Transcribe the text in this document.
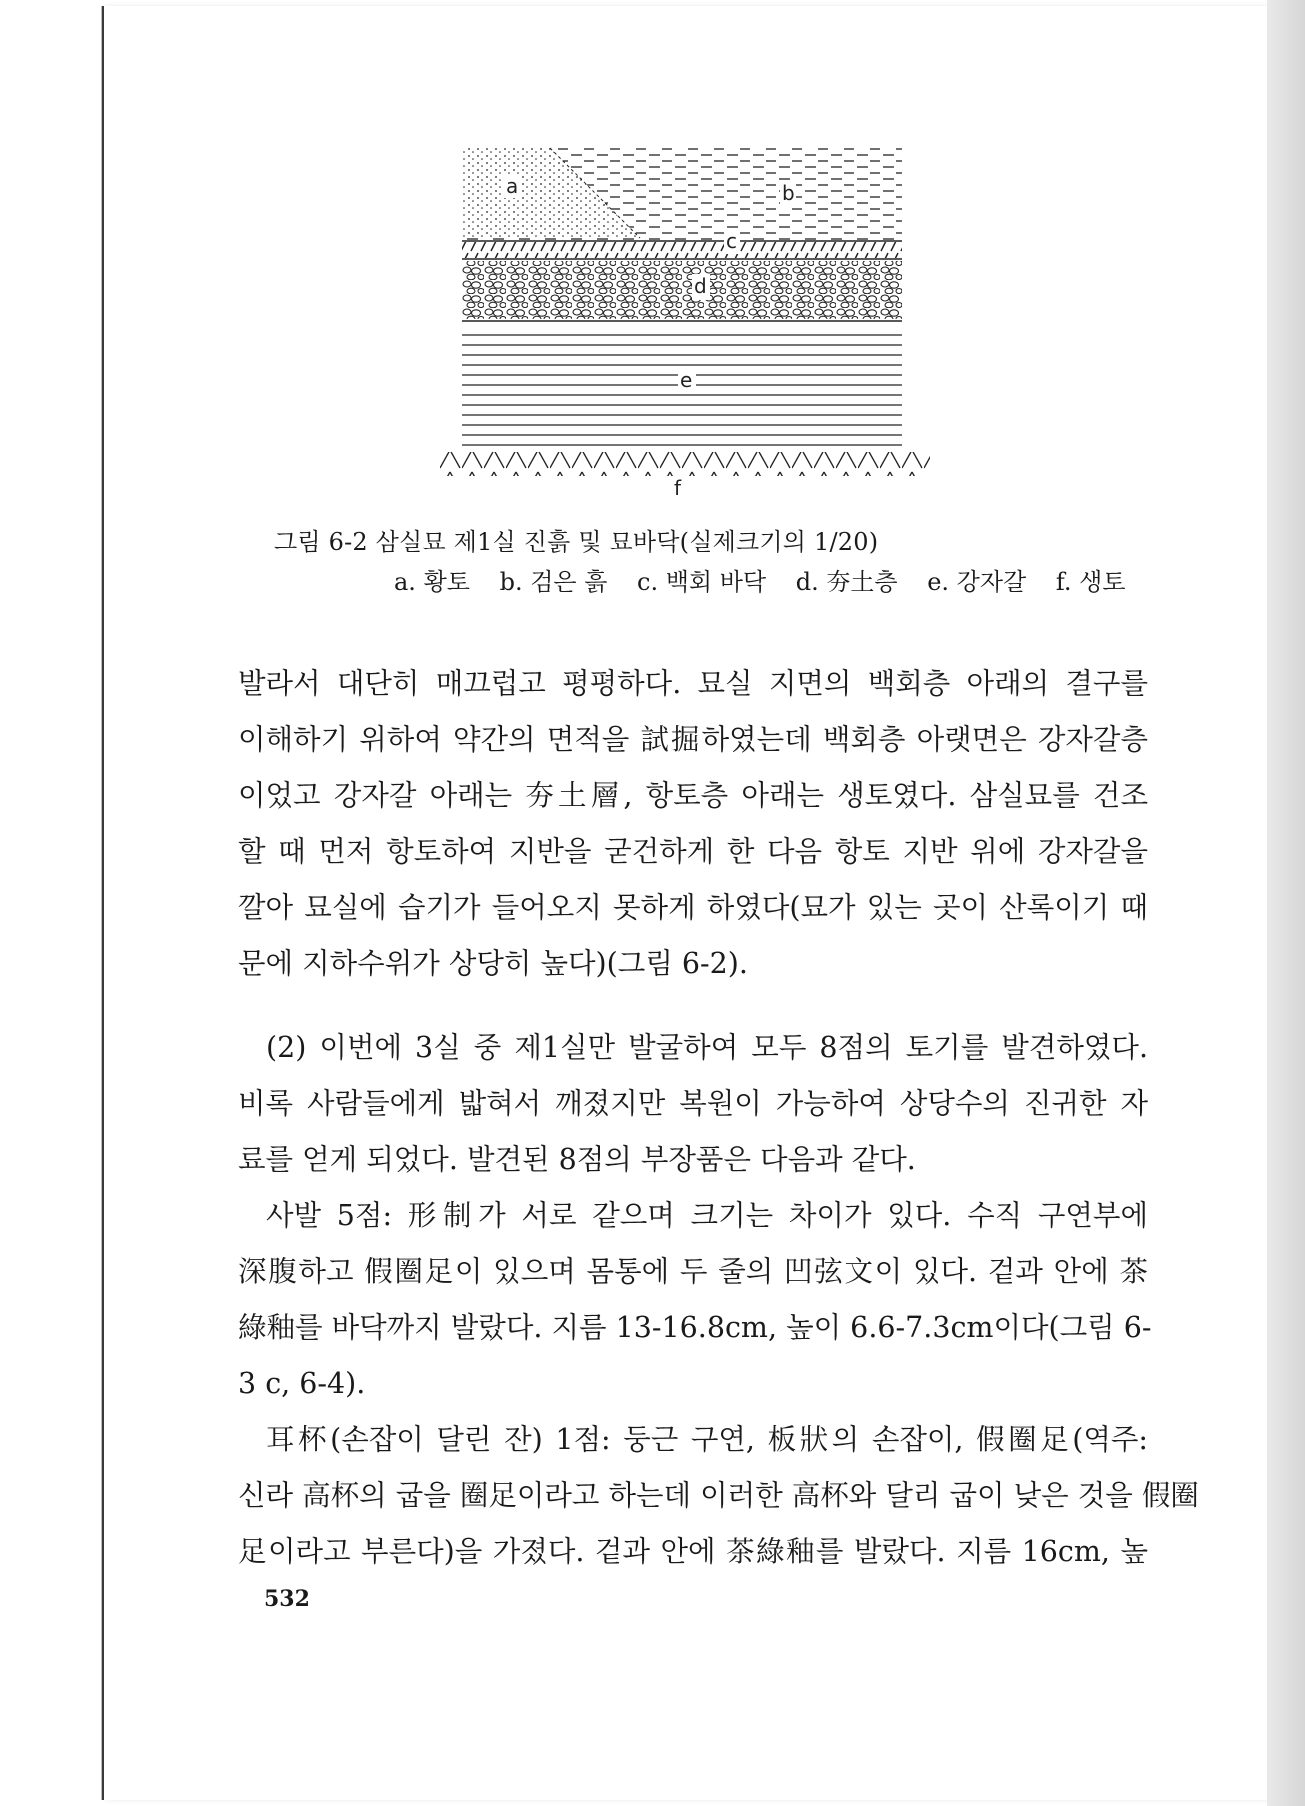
a	b
c
d
e
f
그림 6-2 삼실묘 제1실 진흙 및 묘바닥(실제크기의 1/20)
a. 황토 b. 검은 흙 c. 백회 바닥 d. 夯土층 e. 강자갈 f. 생토
발라서 대단히 매끄럽고 평평하다. 묘실 지면의 백회층 아래의 결구를
이해하기 위하여 약간의 면적을 試掘하였는데 백회층 아랫면은 강자갈층
이었고 강자갈 아래는 夯土層, 항토층 아래는 생토였다. 삼실묘를 건조
할 때 먼저 항토하여 지반을 굳건하게 한 다음 항토 지반 위에 강자갈을
깔아 묘실에 습기가 들어오지 못하게 하였다(묘가 있는 곳이 산록이기 때
문에 지하수위가 상당히 높다)(그림 6-2).
(2) 이번에 3실 중 제1실만 발굴하여 모두 8점의 토기를 발견하였다.
비록 사람들에게 밟혀서 깨졌지만 복원이 가능하여 상당수의 진귀한 자
료를 얻게 되었다. 발견된 8점의 부장품은 다음과 같다.
사발 5점: 形制가 서로 같으며 크기는 차이가 있다. 수직 구연부에
深腹하고 假圈足이 있으며 몸통에 두 줄의 凹弦文이 있다. 겉과 안에 茶
綠釉를 바닥까지 발랐다. 지름 13-16.8cm, 높이 6.6-7.3cm이다(그림 6-
3 c, 6-4).
耳杯(손잡이 달린 잔) 1점: 둥근 구연, 板狀의 손잡이, 假圈足(역주:
신라 高杯의 굽을 圈足이라고 하는데 이러한 高杯와 달리 굽이 낮은 것을 假圈
足이라고 부른다)을 가졌다. 겉과 안에 茶綠釉를 발랐다. 지름 16cm, 높
532
